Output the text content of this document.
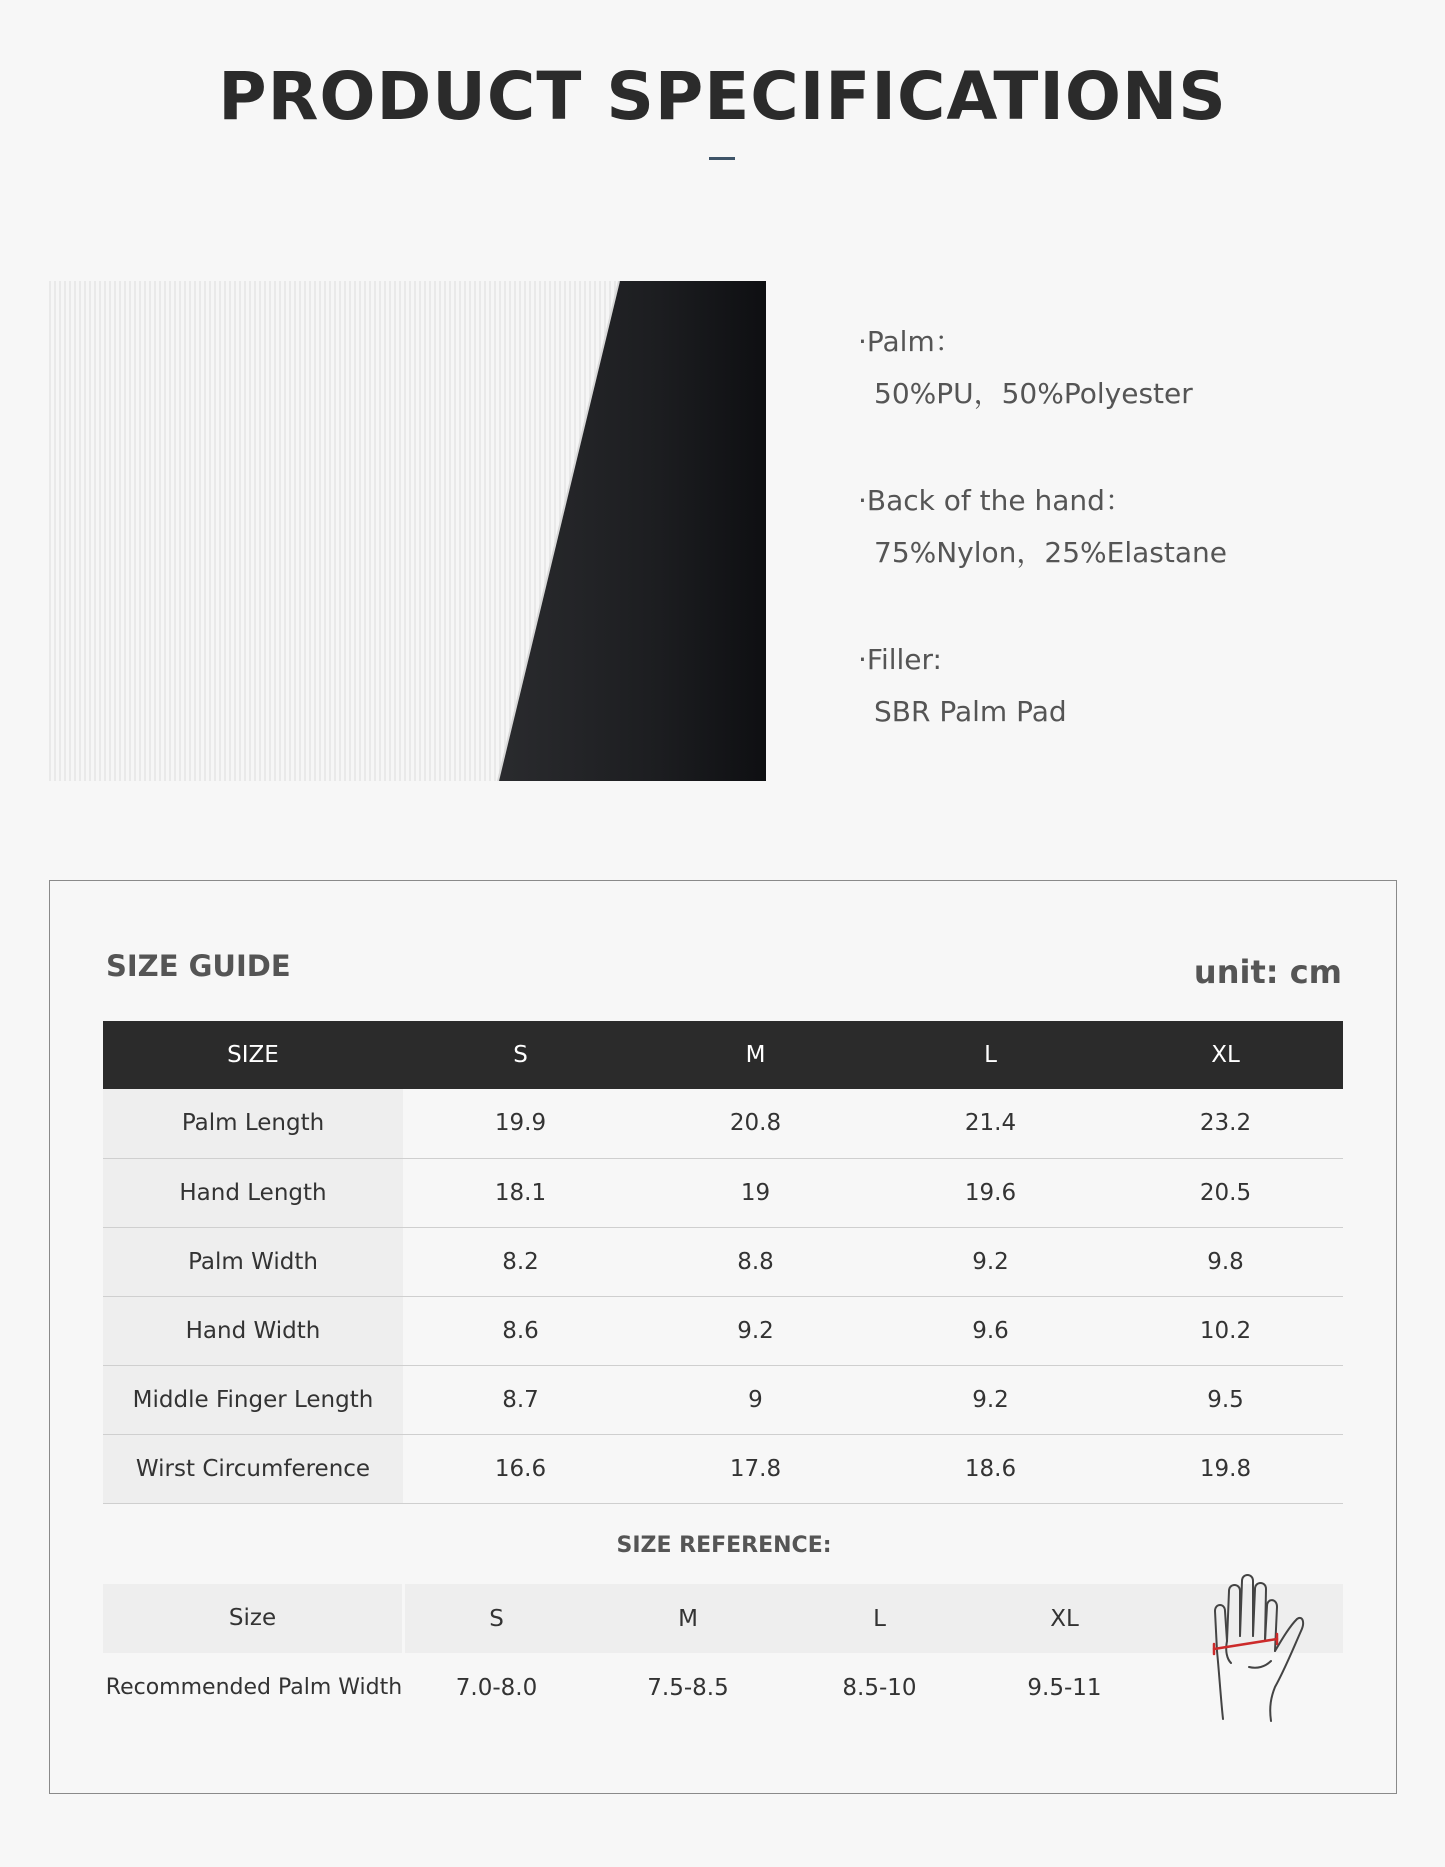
PRODUCT SPECIFICATIONS
·Palm：
50%PU，50%Polyester
·Back of the hand：
75%Nylon，25%Elastane
·Filler:
SBR Palm Pad
SIZE GUIDE	unit: cm
SIZE	S	M	L	XL
Palm Length	19.9	20.8	21.4	23.2
Hand Length	18.1	19	19.6	20.5
Palm Width	8.2	8.8	9.2	9.8
Hand Width	8.6	9.2	9.6	10.2
Middle Finger Length	8.7	9	9.2	9.5
Wirst Circumference	16.6	17.8	18.6	19.8
SIZE REFERENCE:
Size	S	M	L	XL
Recommended Palm Width	7.0-8.0	7.5-8.5	8.5-10	9.5-11
